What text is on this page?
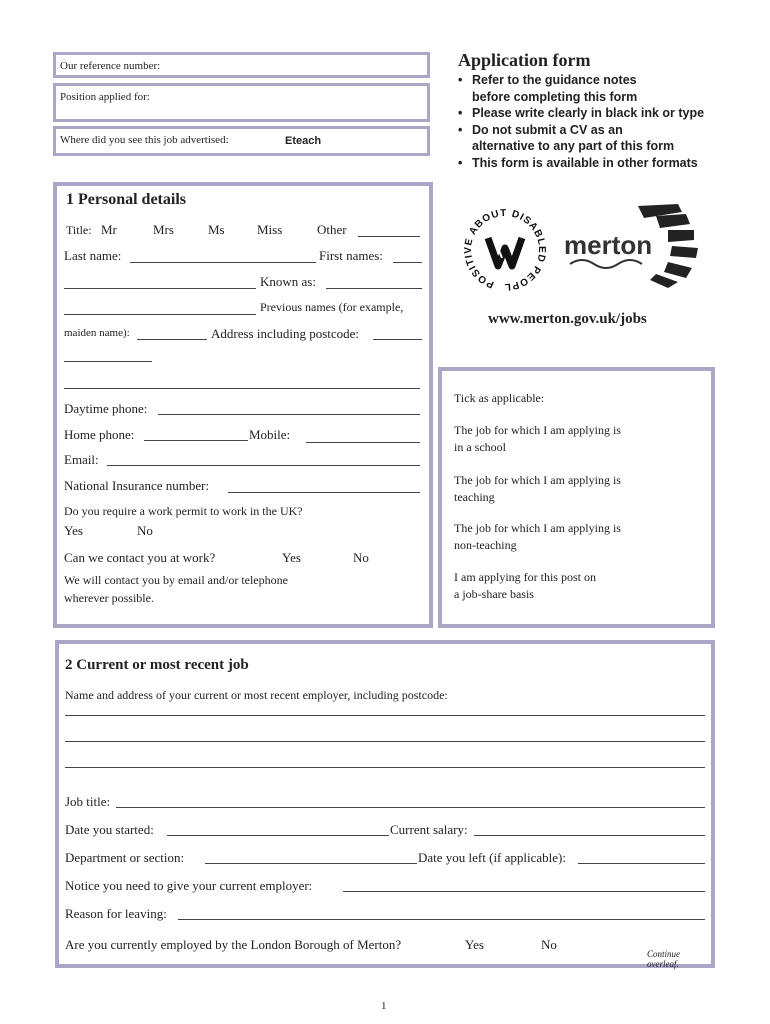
Our reference number:
Position applied for:
Where did you see this job advertised:	Eteach
Application form
• Refer to the guidance notes
before completing this form
• Please write clearly in black ink or type
• Do not submit a CV as an
alternative to any part of this form
• This form is available in other formats
POSITIVE ABOUT DISABLED PEOPL
merton
www.merton.gov.uk/jobs
1 Personal details
Title: Mr	Mrs	Ms Miss	Other
Last name:	First names:
Known as:
Previous names (for example,
maiden name):	Address including postcode:
Daytime phone:
Home phone:	Mobile:
Email:
National Insurance number:
Do you require a work permit to work in the UK?
Yes	No
Can we contact you at work?	Yes	No
We will contact you by email and/or telephone
wherever possible.
Tick as applicable:
The job for which I am applying is
in a school
The job for which I am applying is
teaching
The job for which I am applying is
non-teaching
I am applying for this post on
a job-share basis
2 Current or most recent job
Name and address of your current or most recent employer, including postcode:
Job title:
Date you started:	Current salary:
Department or section:	Date you left (if applicable):
Notice you need to give your current employer:
Reason for leaving:
Are you currently employed by the London Borough of Merton?	Yes	No
Continue overleaf.
1
